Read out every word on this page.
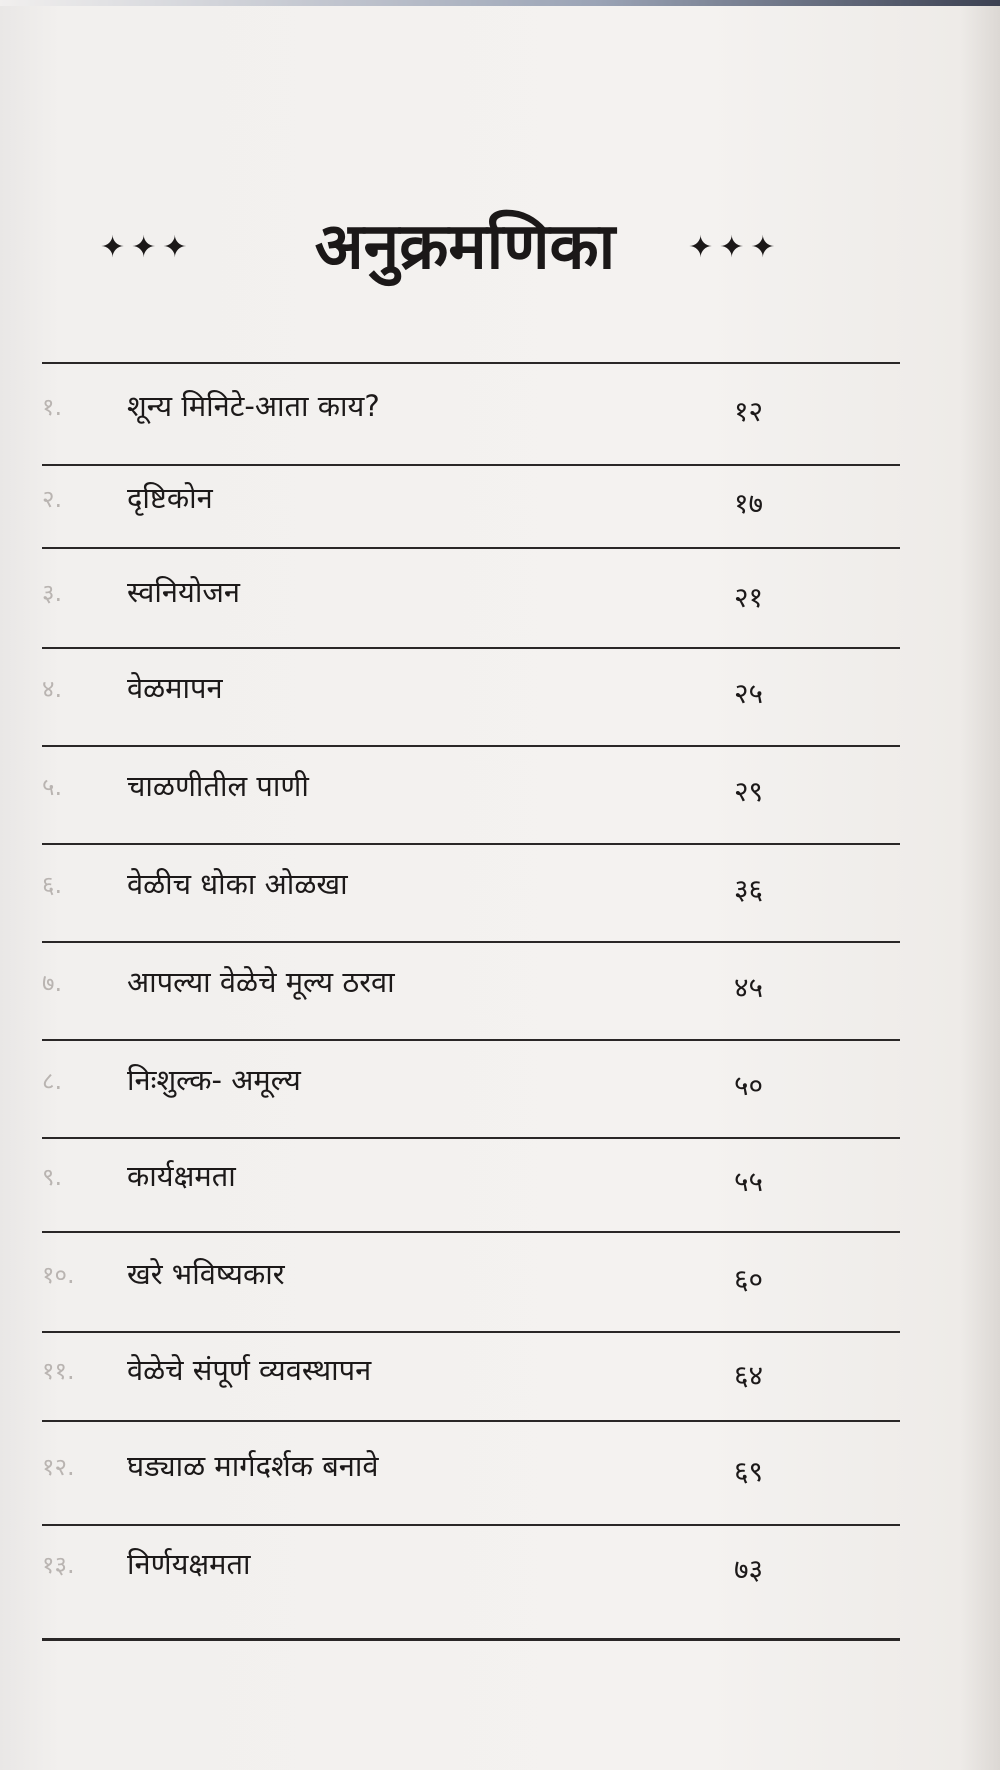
✦✦✦	अनुक्रमणिका	✦✦✦
१.	शून्य मिनिटे-आता काय?	१२
२.	दृष्टिकोन	१७
३.	स्वनियोजन	२१
४.	वेळमापन	२५
५.	चाळणीतील पाणी	२९
६.	वेळीच धोका ओळखा	३६
७.	आपल्या वेळेचे मूल्य ठरवा	४५
८.	निःशुल्क- अमूल्य	५०
९.	कार्यक्षमता	५५
१०.	खरे भविष्यकार	६०
११.	वेळेचे संपूर्ण व्यवस्थापन	६४
१२.	घड्याळ मार्गदर्शक बनावे	६९
१३.	निर्णयक्षमता	७३
